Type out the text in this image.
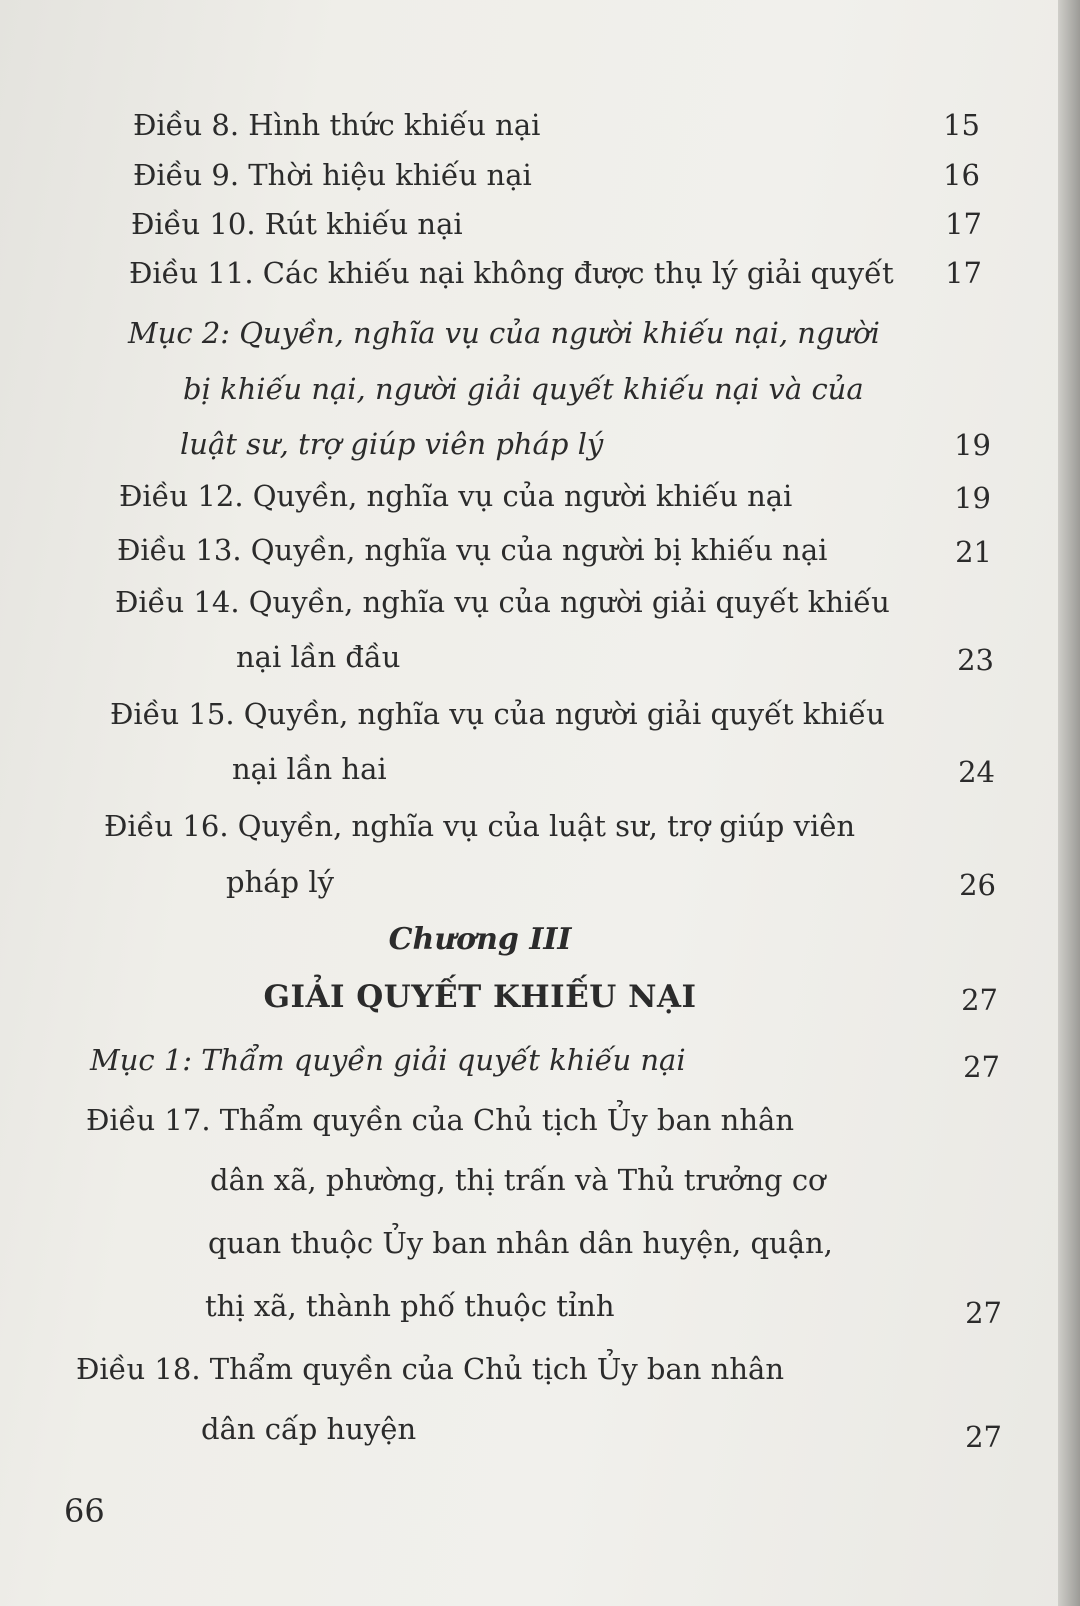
Điều 8. Hình thức khiếu nại	15
Điều 9. Thời hiệu khiếu nại	16
Điều 10. Rút khiếu nại	17
Điều 11. Các khiếu nại không được thụ lý giải quyết	17
Mục 2: Quyền, nghĩa vụ của người khiếu nại, người
bị khiếu nại, người giải quyết khiếu nại và của
luật sư, trợ giúp viên pháp lý	19
Điều 12. Quyền, nghĩa vụ của người khiếu nại	19
Điều 13. Quyền, nghĩa vụ của người bị khiếu nại	21
Điều 14. Quyền, nghĩa vụ của người giải quyết khiếu
nại lần đầu	23
Điều 15. Quyền, nghĩa vụ của người giải quyết khiếu
nại lần hai	24
Điều 16. Quyền, nghĩa vụ của luật sư, trợ giúp viên
pháp lý	26
Chương III
GIẢI QUYẾT KHIẾU NẠI	27
Mục 1: Thẩm quyền giải quyết khiếu nại	27
Điều 17. Thẩm quyền của Chủ tịch Ủy ban nhân
dân xã, phường, thị trấn và Thủ trưởng cơ
quan thuộc Ủy ban nhân dân huyện, quận,
thị xã, thành phố thuộc tỉnh	27
Điều 18. Thẩm quyền của Chủ tịch Ủy ban nhân
dân cấp huyện	27
66
